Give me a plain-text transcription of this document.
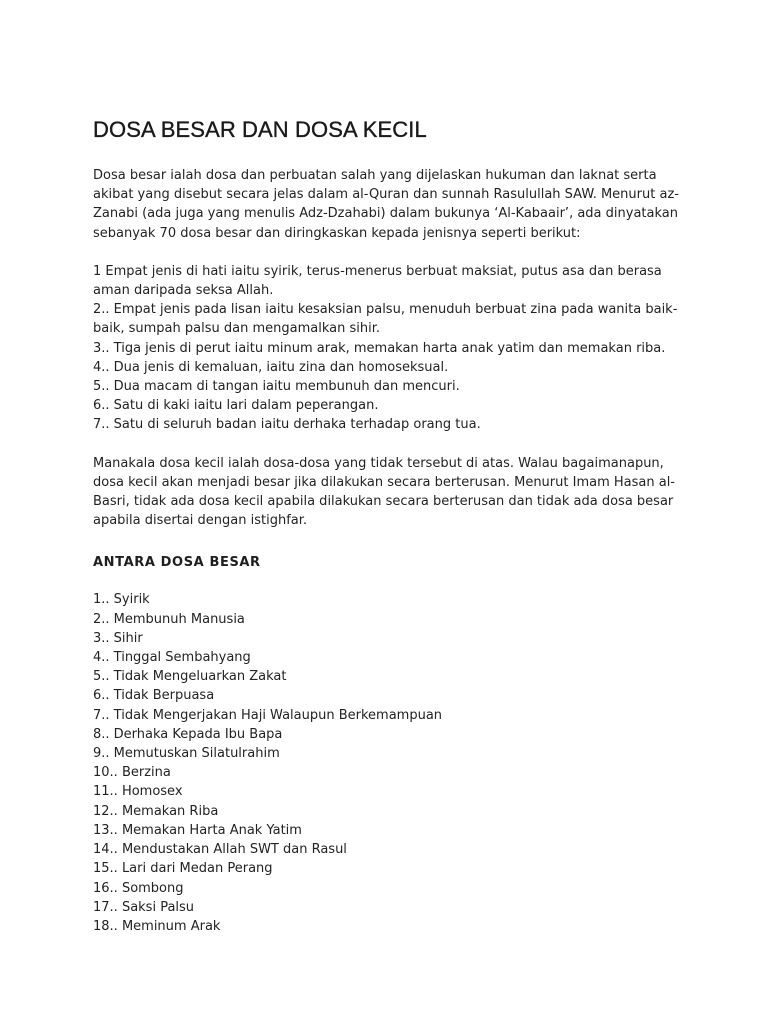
DOSA BESAR DAN DOSA KECIL

Dosa besar ialah dosa dan perbuatan salah yang dijelaskan hukuman dan laknat serta akibat yang disebut secara jelas dalam al-Quran dan sunnah Rasulullah SAW. Menurut az-Zanabi (ada juga yang menulis Adz-Dzahabi) dalam bukunya ‘Al-Kabaair’, ada dinyatakan sebanyak 70 dosa besar dan diringkaskan kepada jenisnya seperti berikut:

1 Empat jenis di hati iaitu syirik, terus-menerus berbuat maksiat, putus asa dan berasa aman daripada seksa Allah.
2.. Empat jenis pada lisan iaitu kesaksian palsu, menuduh berbuat zina pada wanita baik-baik, sumpah palsu dan mengamalkan sihir.
3.. Tiga jenis di perut iaitu minum arak, memakan harta anak yatim dan memakan riba.
4.. Dua jenis di kemaluan, iaitu zina dan homoseksual.
5.. Dua macam di tangan iaitu membunuh dan mencuri.
6.. Satu di kaki iaitu lari dalam peperangan.
7.. Satu di seluruh badan iaitu derhaka terhadap orang tua.

Manakala dosa kecil ialah dosa-dosa yang tidak tersebut di atas. Walau bagaimanapun, dosa kecil akan menjadi besar jika dilakukan secara berterusan. Menurut Imam Hasan al-Basri, tidak ada dosa kecil apabila dilakukan secara berterusan dan tidak ada dosa besar apabila disertai dengan istighfar.

ANTARA DOSA BESAR
1.. Syirik
2.. Membunuh Manusia
3.. Sihir
4.. Tinggal Sembahyang
5.. Tidak Mengeluarkan Zakat
6.. Tidak Berpuasa
7.. Tidak Mengerjakan Haji Walaupun Berkemampuan
8.. Derhaka Kepada Ibu Bapa
9.. Memutuskan Silatulrahim
10.. Berzina
11.. Homosex
12.. Memakan Riba
13.. Memakan Harta Anak Yatim
14.. Mendustakan Allah SWT dan Rasul
15.. Lari dari Medan Perang
16.. Sombong
17.. Saksi Palsu
18.. Meminum Arak
